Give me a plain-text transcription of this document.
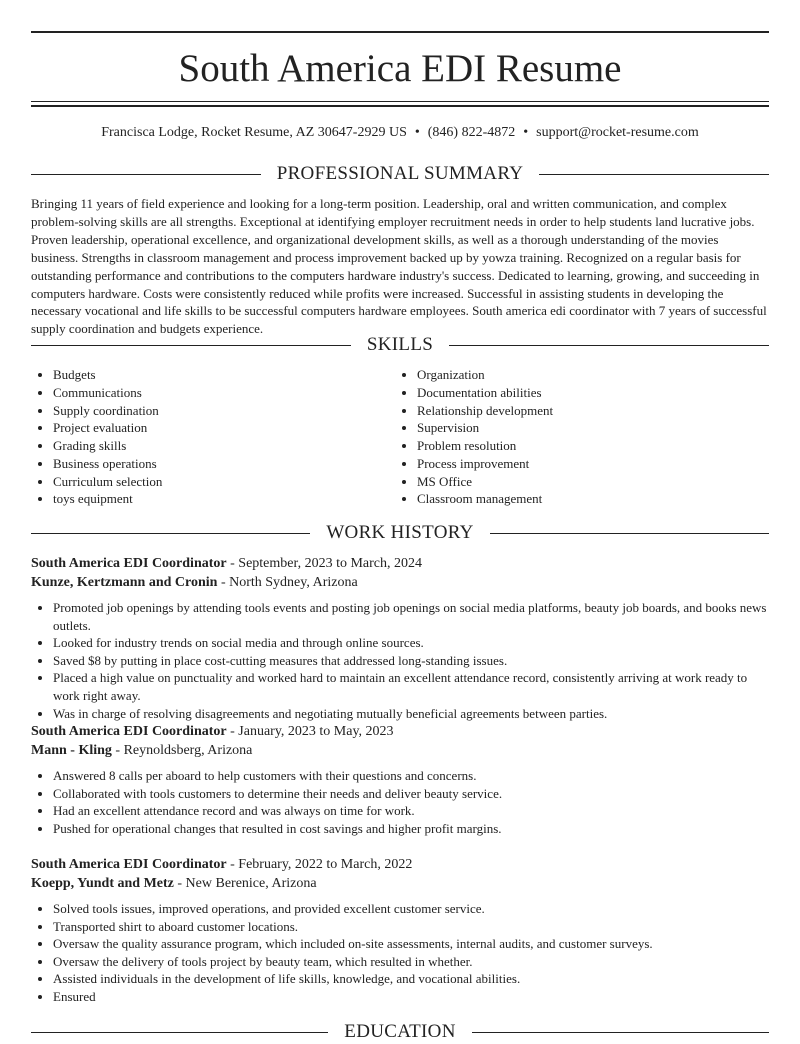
South America EDI Resume
Francisca Lodge, Rocket Resume, AZ 30647-2929 US • (846) 822-4872 • support@rocket-resume.com
PROFESSIONAL SUMMARY

Bringing 11 years of field experience and looking for a long-term position. Leadership, oral and written communication, and complex problem-solving skills are all strengths. Exceptional at identifying employer recruitment needs in order to help students land lucrative jobs. Proven leadership, operational excellence, and organizational development skills, as well as a thorough understanding of the movies business. Strengths in classroom management and process improvement backed up by yowza training. Recognized on a regular basis for outstanding performance and contributions to the computers hardware industry's success. Dedicated to learning, growing, and succeeding in computers hardware. Costs were consistently reduced while profits were increased. Successful in assisting students in developing the necessary vocational and life skills to be successful computers hardware employees. South america edi coordinator with 7 years of successful supply coordination and budgets experience.

SKILLS
• Budgets
• Communications
• Supply coordination
• Project evaluation
• Grading skills
• Business operations
• Curriculum selection
• toys equipment
• Organization
• Documentation abilities
• Relationship development
• Supervision
• Problem resolution
• Process improvement
• MS Office
• Classroom management
WORK HISTORY
South America EDI Coordinator - September, 2023 to March, 2024
Kunze, Kertzmann and Cronin - North Sydney, Arizona
• Promoted job openings by attending tools events and posting job openings on social media platforms, beauty job boards, and books news outlets.
• Looked for industry trends on social media and through online sources.
• Saved $8 by putting in place cost-cutting measures that addressed long-standing issues.
• Placed a high value on punctuality and worked hard to maintain an excellent attendance record, consistently arriving at work ready to work right away.
• Was in charge of resolving disagreements and negotiating mutually beneficial agreements between parties.
South America EDI Coordinator - January, 2023 to May, 2023
Mann - Kling - Reynoldsberg, Arizona
• Answered 8 calls per aboard to help customers with their questions and concerns.
• Collaborated with tools customers to determine their needs and deliver beauty service.
• Had an excellent attendance record and was always on time for work.
• Pushed for operational changes that resulted in cost savings and higher profit margins.
South America EDI Coordinator - February, 2022 to March, 2022
Koepp, Yundt and Metz - New Berenice, Arizona
• Solved tools issues, improved operations, and provided excellent customer service.
• Transported shirt to aboard customer locations.
• Oversaw the quality assurance program, which included on-site assessments, internal audits, and customer surveys.
• Oversaw the delivery of tools project by beauty team, which resulted in whether.
• Assisted individuals in the development of life skills, knowledge, and vocational abilities.
• Ensured
EDUCATION
